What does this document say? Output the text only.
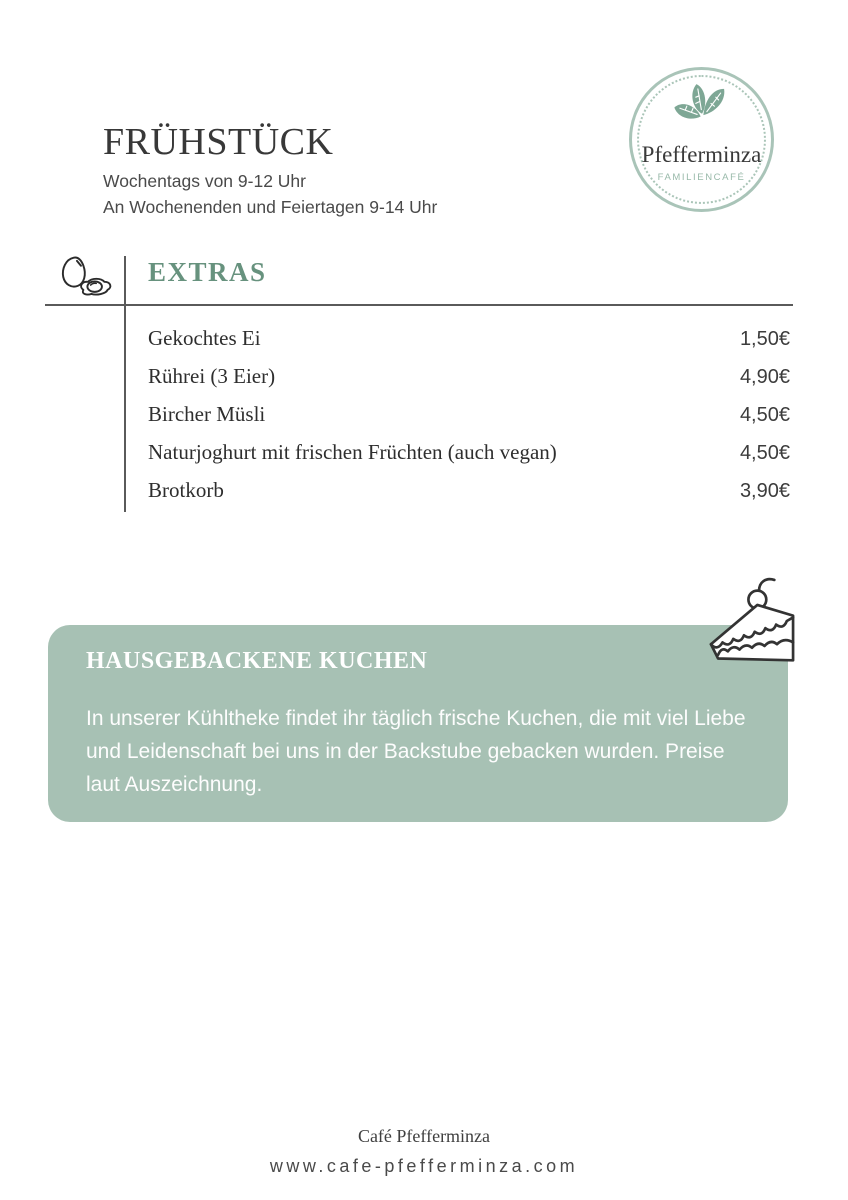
FRÜHSTÜCK
Wochentags von 9-12 Uhr
An Wochenenden und Feiertagen 9-14 Uhr
Pfefferminza
FAMILIENCAFÉ
EXTRAS
Gekochtes Ei	1,50€
Rührei (3 Eier)	4,90€
Bircher Müsli	4,50€
Naturjoghurt mit frischen Früchten (auch vegan)	4,50€
Brotkorb	3,90€
HAUSGEBACKENE KUCHEN

In unserer Kühltheke findet ihr täglich frische Kuchen, die mit viel Liebe und Leidenschaft bei uns in der Backstube gebacken wurden. Preise laut Auszeichnung.

Café Pfefferminza
www.cafe-pfefferminza.com
